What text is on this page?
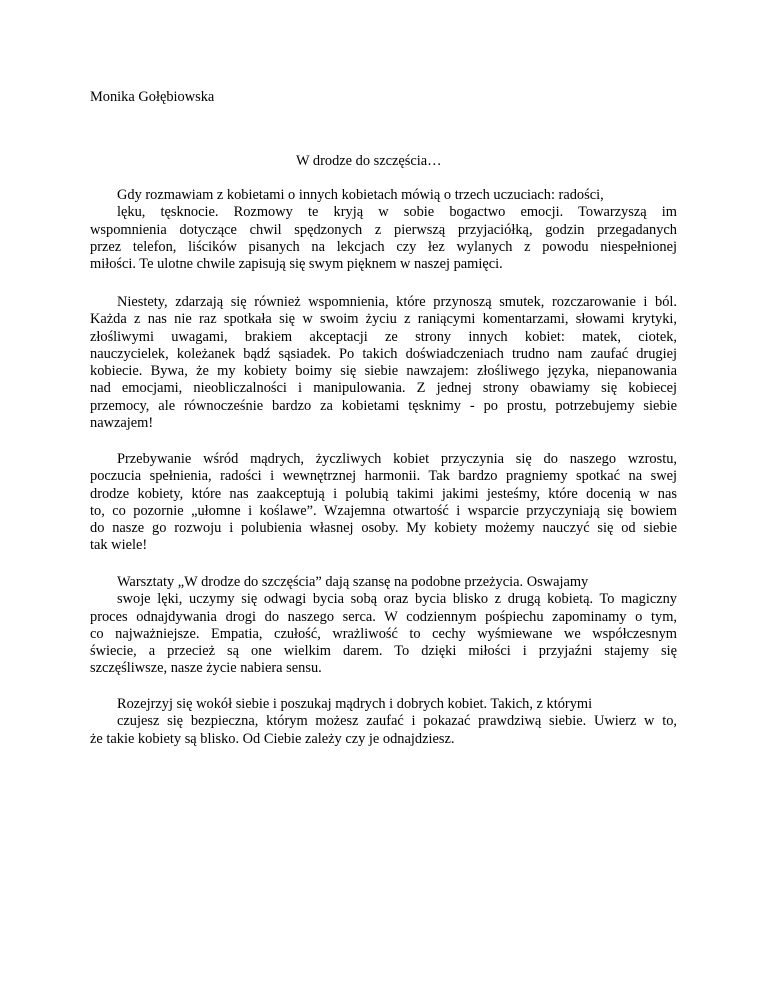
Monika Gołębiowska

W drodze do szczęścia…

Gdy rozmawiam z kobietami o innych kobietach mówią o trzech uczuciach: radości,
lęku, tęsknocie. Rozmowy te kryją w sobie bogactwo emocji. Towarzyszą im
wspomnienia dotyczące chwil spędzonych z pierwszą przyjaciółką, godzin przegadanych
przez telefon, liścików pisanych na lekcjach czy łez wylanych z powodu niespełnionej
miłości. Te ulotne chwile zapisują się swym pięknem w naszej pamięci.
Niestety, zdarzają się również wspomnienia, które przynoszą smutek, rozczarowanie i ból.
Każda z nas nie raz spotkała się w swoim życiu z raniącymi komentarzami, słowami krytyki,
złośliwymi uwagami, brakiem akceptacji ze strony innych kobiet: matek, ciotek,
nauczycielek, koleżanek bądź sąsiadek. Po takich doświadczeniach trudno nam zaufać drugiej
kobiecie. Bywa, że my kobiety boimy się siebie nawzajem: złośliwego języka, niepanowania
nad emocjami, nieobliczalności i manipulowania. Z jednej strony obawiamy się kobiecej
przemocy, ale równocześnie bardzo za kobietami tęsknimy - po prostu, potrzebujemy siebie
nawzajem!
Przebywanie wśród mądrych, życzliwych kobiet przyczynia się do naszego wzrostu,
poczucia spełnienia, radości i wewnętrznej harmonii. Tak bardzo pragniemy spotkać na swej
drodze kobiety, które nas zaakceptują i polubią takimi jakimi jesteśmy, które docenią w nas
to, co pozornie „ułomne i koślawe”. Wzajemna otwartość i wsparcie przyczyniają się bowiem
do nasze go rozwoju i polubienia własnej osoby. My kobiety możemy nauczyć się od siebie
tak wiele!
Warsztaty „W drodze do szczęścia” dają szansę na podobne przeżycia. Oswajamy
swoje lęki, uczymy się odwagi bycia sobą oraz bycia blisko z drugą kobietą. To magiczny
proces odnajdywania drogi do naszego serca. W codziennym pośpiechu zapominamy o tym,
co najważniejsze. Empatia, czułość, wrażliwość to cechy wyśmiewane we współczesnym
świecie, a przecież są one wielkim darem. To dzięki miłości i przyjaźni stajemy się
szczęśliwsze, nasze życie nabiera sensu.
Rozejrzyj się wokół siebie i poszukaj mądrych i dobrych kobiet. Takich, z którymi
czujesz się bezpieczna, którym możesz zaufać i pokazać prawdziwą siebie. Uwierz w to,
że takie kobiety są blisko. Od Ciebie zależy czy je odnajdziesz.
